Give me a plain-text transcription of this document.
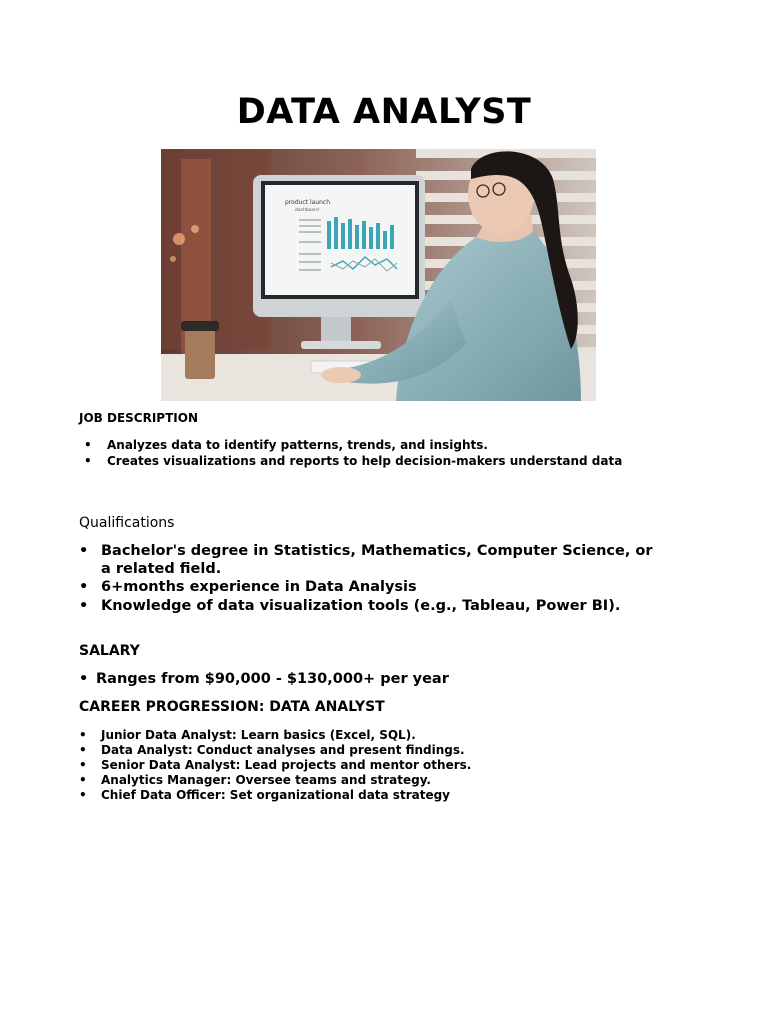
DATA ANALYST
product launch
dashboard
JOB DESCRIPTION
• Analyzes data to identify patterns, trends, and insights.
• Creates visualizations and reports to help decision-makers understand data
Qualifications
• Bachelor's degree in Statistics, Mathematics, Computer Science, or a related field.
• 6+months experience in Data Analysis
• Knowledge of data visualization tools (e.g., Tableau, Power BI).
SALARY
• Ranges from $90,000 - $130,000+ per year
CAREER PROGRESSION: DATA ANALYST
• Junior Data Analyst: Learn basics (Excel, SQL).
• Data Analyst: Conduct analyses and present findings.
• Senior Data Analyst: Lead projects and mentor others.
• Analytics Manager: Oversee teams and strategy.
• Chief Data Officer: Set organizational data strategy
